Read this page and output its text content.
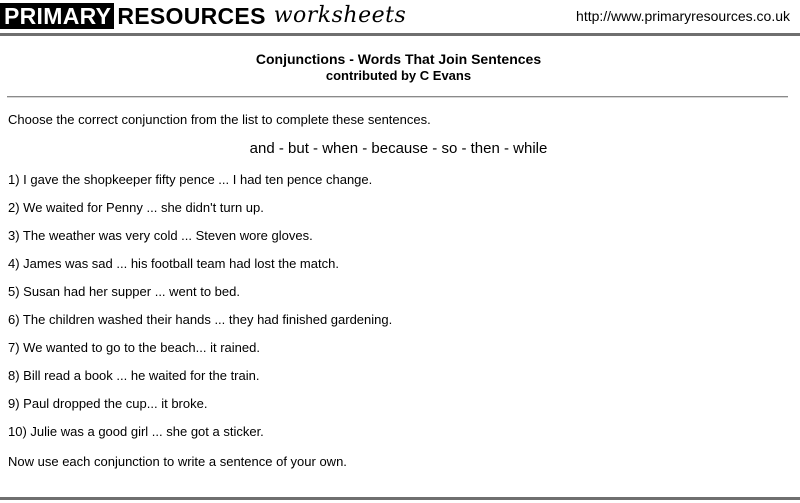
PRIMARY RESOURCES worksheets	http://www.primaryresources.co.uk
Conjunctions - Words That Join Sentences
contributed by C Evans
Choose the correct conjunction from the list to complete these sentences.
and - but - when - because - so - then - while
1) I gave the shopkeeper fifty pence ... I had ten pence change.
2) We waited for Penny ... she didn't turn up.
3) The weather was very cold ... Steven wore gloves.
4) James was sad ... his football team had lost the match.
5) Susan had her supper ... went to bed.
6) The children washed their hands ... they had finished gardening.
7) We wanted to go to the beach... it rained.
8) Bill read a book ... he waited for the train.
9) Paul dropped the cup... it broke.
10) Julie was a good girl ... she got a sticker.
Now use each conjunction to write a sentence of your own.
